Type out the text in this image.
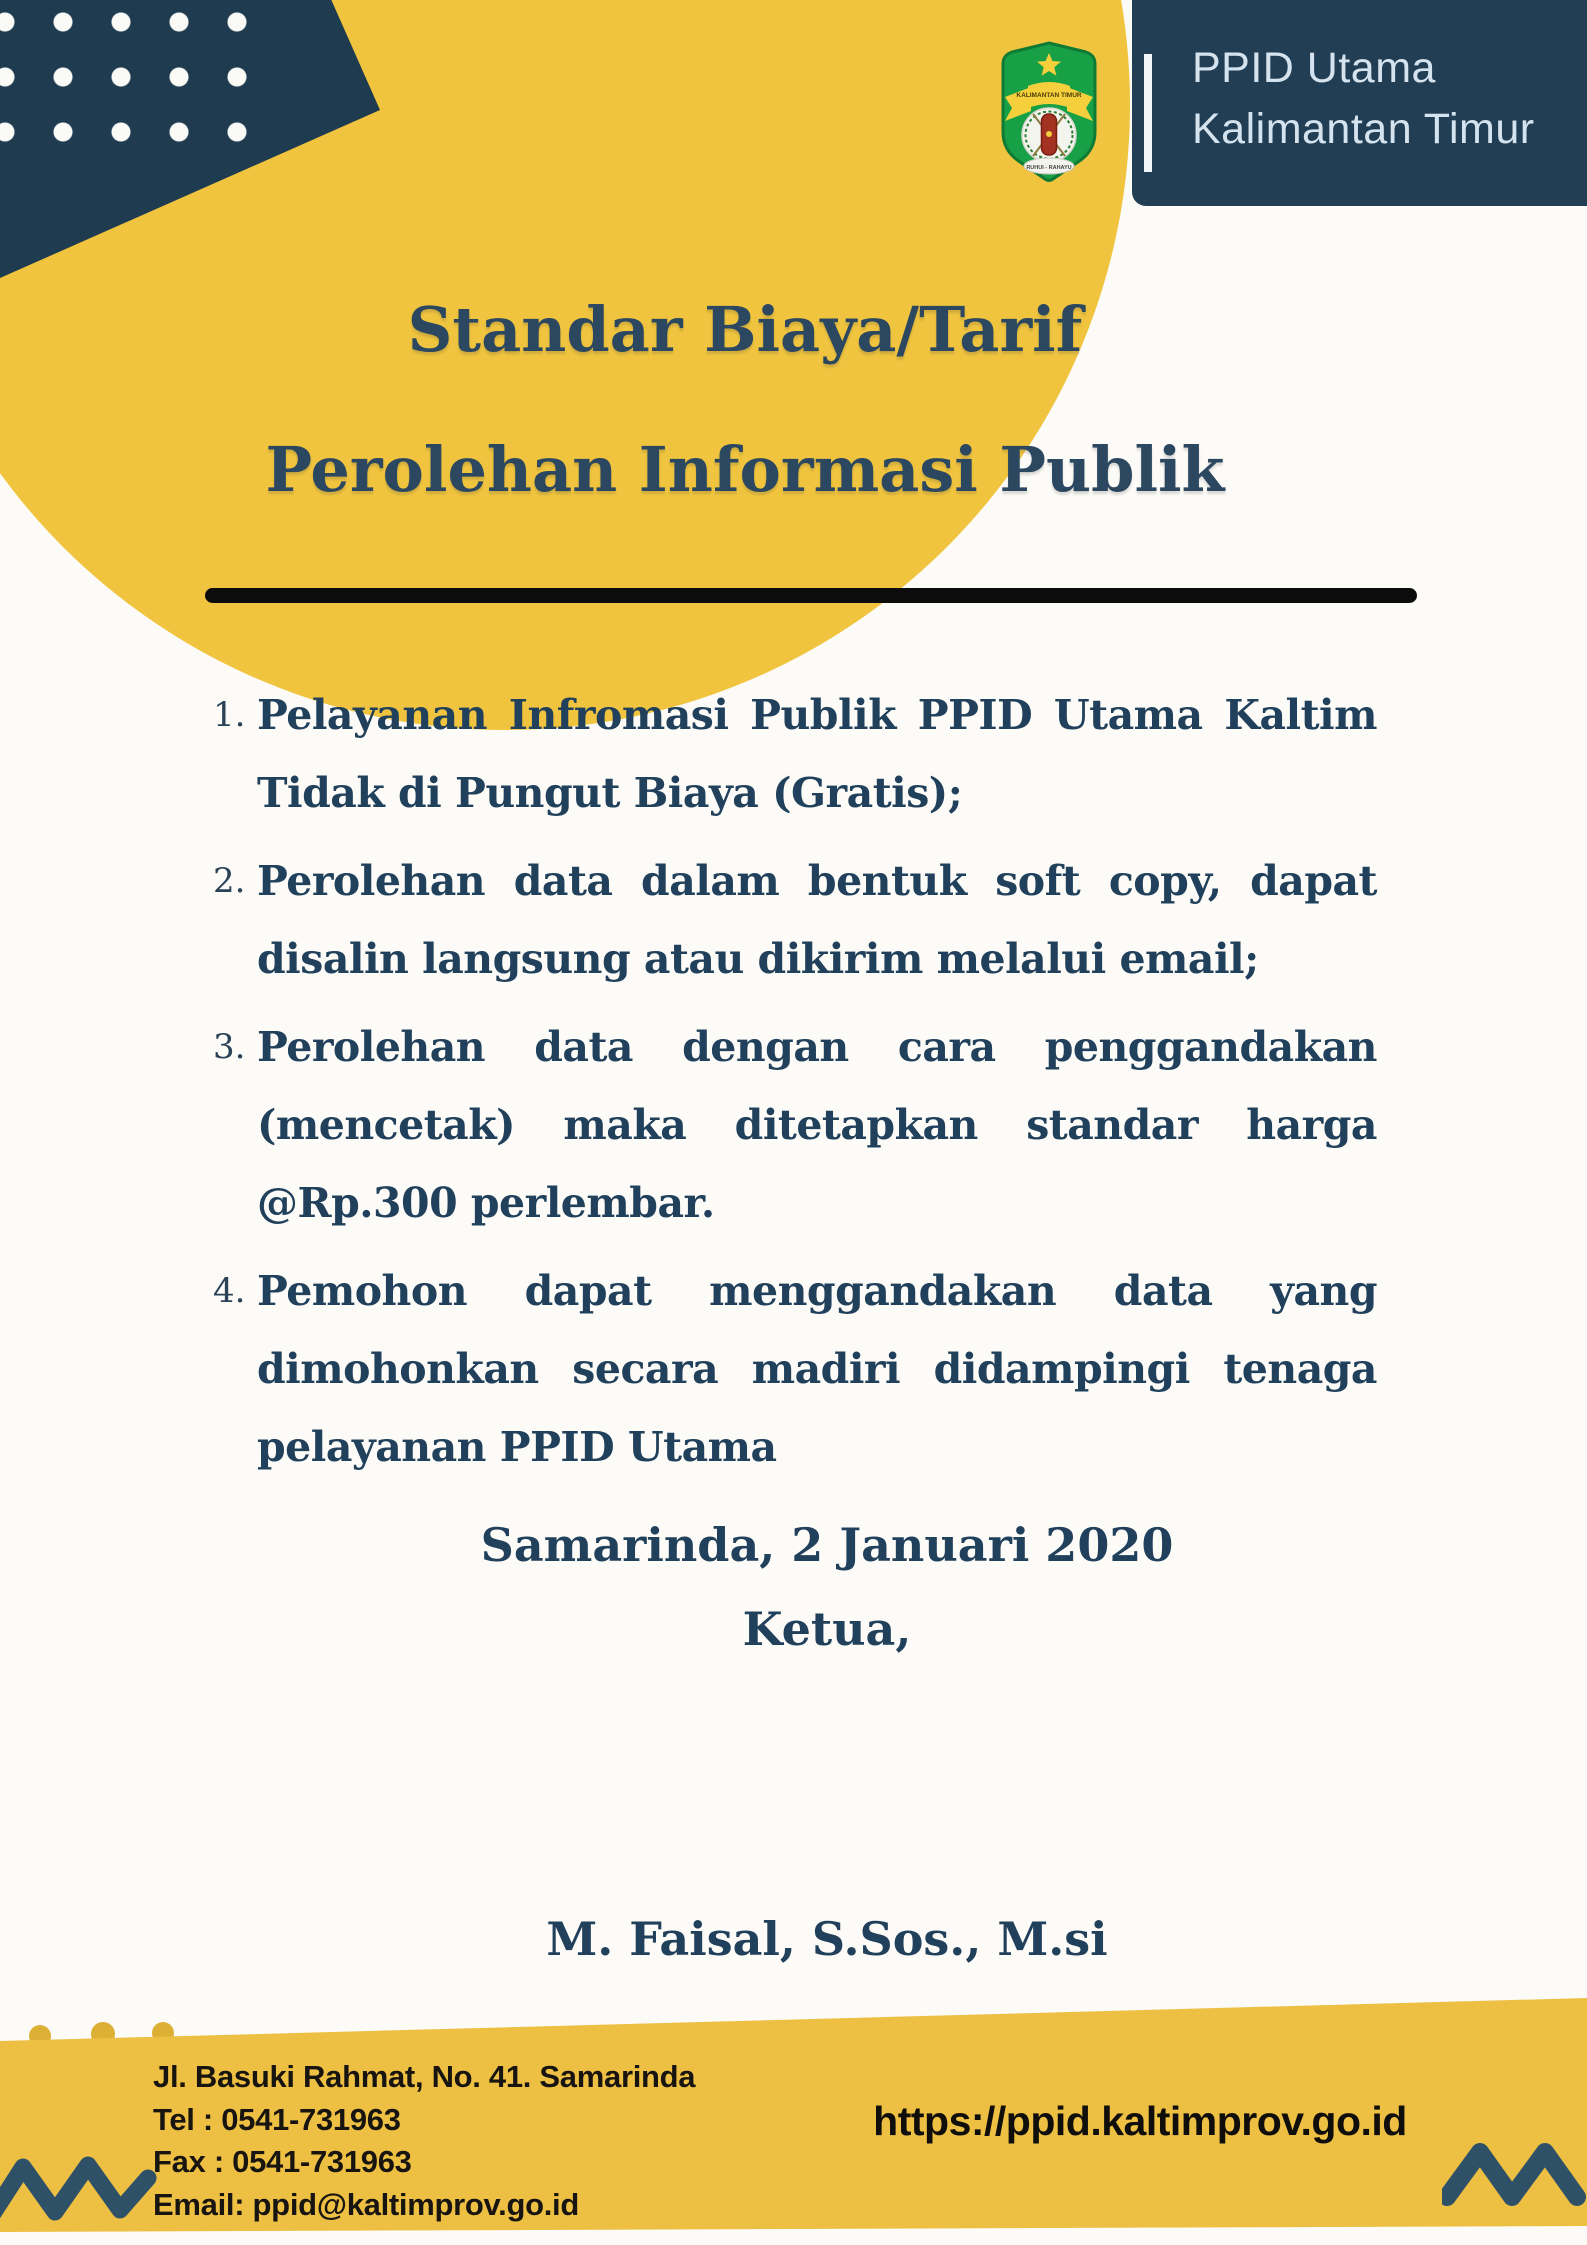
PPID Utama
Kalimantan Timur
KALIMANTAN TIMUR
RUHUI - RAHAYU
Standar Biaya/Tarif
Perolehan Informasi Publik
1. Pelayanan Infromasi Publik PPID Utama Kaltim
Tidak di Pungut Biaya (Gratis);
2. Perolehan data dalam bentuk soft copy, dapat
disalin langsung atau dikirim melalui email;
3. Perolehan data dengan cara penggandakan
(mencetak) maka ditetapkan standar harga
@Rp.300 perlembar.
4. Pemohon dapat menggandakan data yang
dimohonkan secara madiri didampingi tenaga
pelayanan PPID Utama
Samarinda, 2 Januari 2020
Ketua,
M. Faisal, S.Sos., M.si
Jl. Basuki Rahmat, No. 41. Samarinda
Tel : 0541-731963
Fax : 0541-731963
Email: ppid@kaltimprov.go.id
https://ppid.kaltimprov.go.id
